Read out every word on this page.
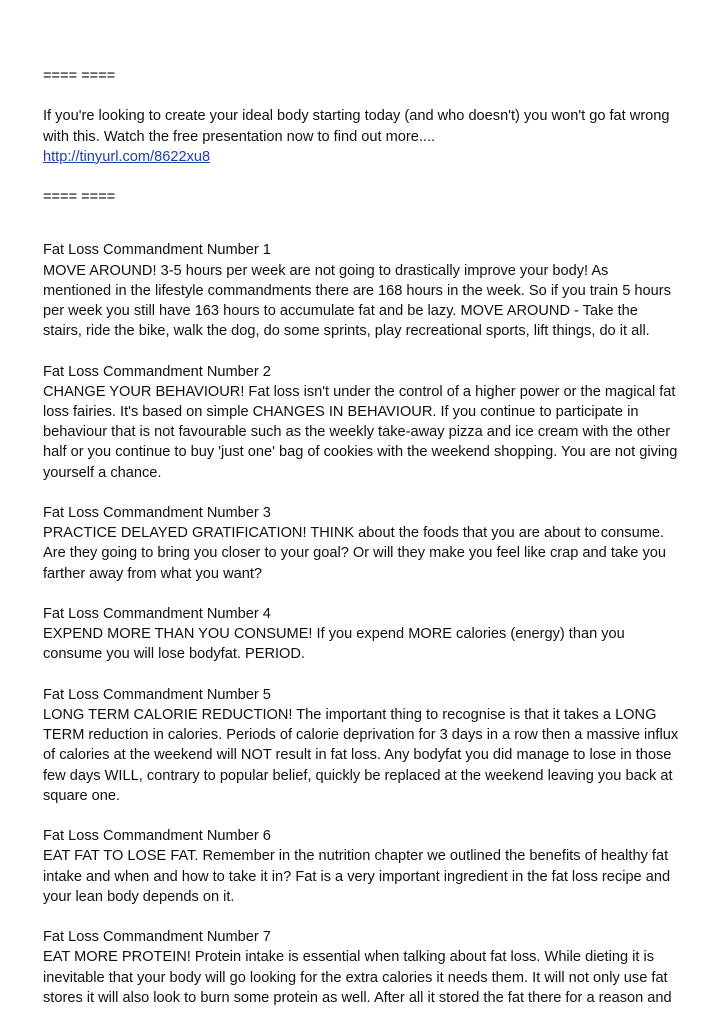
==== ====
If you're looking to create your ideal body starting today (and who doesn't) you won't go fat wrong
with this. Watch the free presentation now to find out more....
http://tinyurl.com/8622xu8
==== ====
Fat Loss Commandment Number 1
MOVE AROUND! 3-5 hours per week are not going to drastically improve your body! As
mentioned in the lifestyle commandments there are 168 hours in the week. So if you train 5 hours
per week you still have 163 hours to accumulate fat and be lazy. MOVE AROUND - Take the
stairs, ride the bike, walk the dog, do some sprints, play recreational sports, lift things, do it all.
Fat Loss Commandment Number 2
CHANGE YOUR BEHAVIOUR! Fat loss isn't under the control of a higher power or the magical fat
loss fairies. It's based on simple CHANGES IN BEHAVIOUR. If you continue to participate in
behaviour that is not favourable such as the weekly take-away pizza and ice cream with the other
half or you continue to buy 'just one' bag of cookies with the weekend shopping. You are not giving
yourself a chance.
Fat Loss Commandment Number 3
PRACTICE DELAYED GRATIFICATION! THINK about the foods that you are about to consume.
Are they going to bring you closer to your goal? Or will they make you feel like crap and take you
farther away from what you want?
Fat Loss Commandment Number 4
EXPEND MORE THAN YOU CONSUME! If you expend MORE calories (energy) than you
consume you will lose bodyfat. PERIOD.
Fat Loss Commandment Number 5
LONG TERM CALORIE REDUCTION! The important thing to recognise is that it takes a LONG
TERM reduction in calories. Periods of calorie deprivation for 3 days in a row then a massive influx
of calories at the weekend will NOT result in fat loss. Any bodyfat you did manage to lose in those
few days WILL, contrary to popular belief, quickly be replaced at the weekend leaving you back at
square one.
Fat Loss Commandment Number 6
EAT FAT TO LOSE FAT. Remember in the nutrition chapter we outlined the benefits of healthy fat
intake and when and how to take it in? Fat is a very important ingredient in the fat loss recipe and
your lean body depends on it.
Fat Loss Commandment Number 7
EAT MORE PROTEIN! Protein intake is essential when talking about fat loss. While dieting it is
inevitable that your body will go looking for the extra calories it needs them. It will not only use fat
stores it will also look to burn some protein as well. After all it stored the fat there for a reason and
